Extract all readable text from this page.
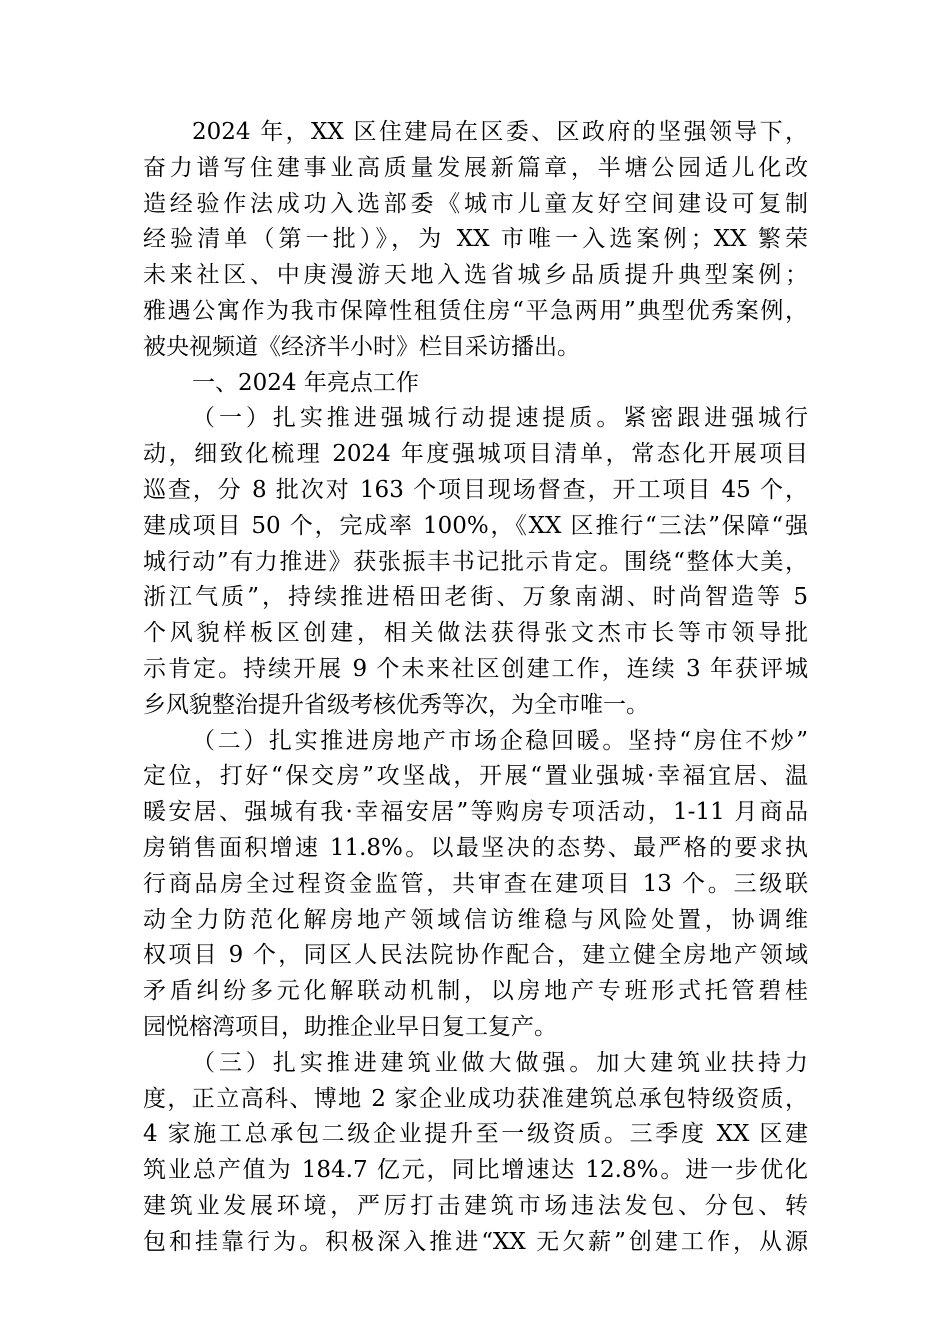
2024 年，XX 区住建局在区委、区政府的坚强领导下，
奋力谱写住建事业高质量发展新篇章，半塘公园适儿化改
造经验作法成功入选部委《城市儿童友好空间建设可复制
经验清单（第一批）》，为 XX 市唯一入选案例；XX 繁荣
未来社区、中庚漫游天地入选省城乡品质提升典型案例；
雅遇公寓作为我市保障性租赁住房“平急两用”典型优秀案例，
被央视频道《经济半小时》栏目采访播出。
一、2024 年亮点工作
（一）扎实推进强城行动提速提质。紧密跟进强城行
动，细致化梳理 2024 年度强城项目清单，常态化开展项目
巡查，分 8 批次对 163 个项目现场督查，开工项目 45 个，
建成项目 50 个，完成率 100%，《XX 区推行“三法”保障“强
城行动”有力推进》获张振丰书记批示肯定。围绕“整体大美，
浙江气质”，持续推进梧田老街、万象南湖、时尚智造等 5
个风貌样板区创建，相关做法获得张文杰市长等市领导批
示肯定。持续开展 9 个未来社区创建工作，连续 3 年获评城
乡风貌整治提升省级考核优秀等次，为全市唯一。
（二）扎实推进房地产市场企稳回暖。坚持“房住不炒”
定位，打好“保交房”攻坚战，开展“置业强城·幸福宜居、温
暖安居、强城有我·幸福安居”等购房专项活动，1-11 月商品
房销售面积增速 11.8%。以最坚决的态势、最严格的要求执
行商品房全过程资金监管，共审查在建项目 13 个。三级联
动全力防范化解房地产领域信访维稳与风险处置，协调维
权项目 9 个，同区人民法院协作配合，建立健全房地产领域
矛盾纠纷多元化解联动机制，以房地产专班形式托管碧桂
园悦榕湾项目，助推企业早日复工复产。
（三）扎实推进建筑业做大做强。加大建筑业扶持力
度，正立高科、博地 2 家企业成功获准建筑总承包特级资质，
4 家施工总承包二级企业提升至一级资质。三季度 XX 区建
筑业总产值为 184.7 亿元，同比增速达 12.8%。进一步优化
建筑业发展环境，严厉打击建筑市场违法发包、分包、转
包和挂靠行为。积极深入推进“XX 无欠薪”创建工作，从源
